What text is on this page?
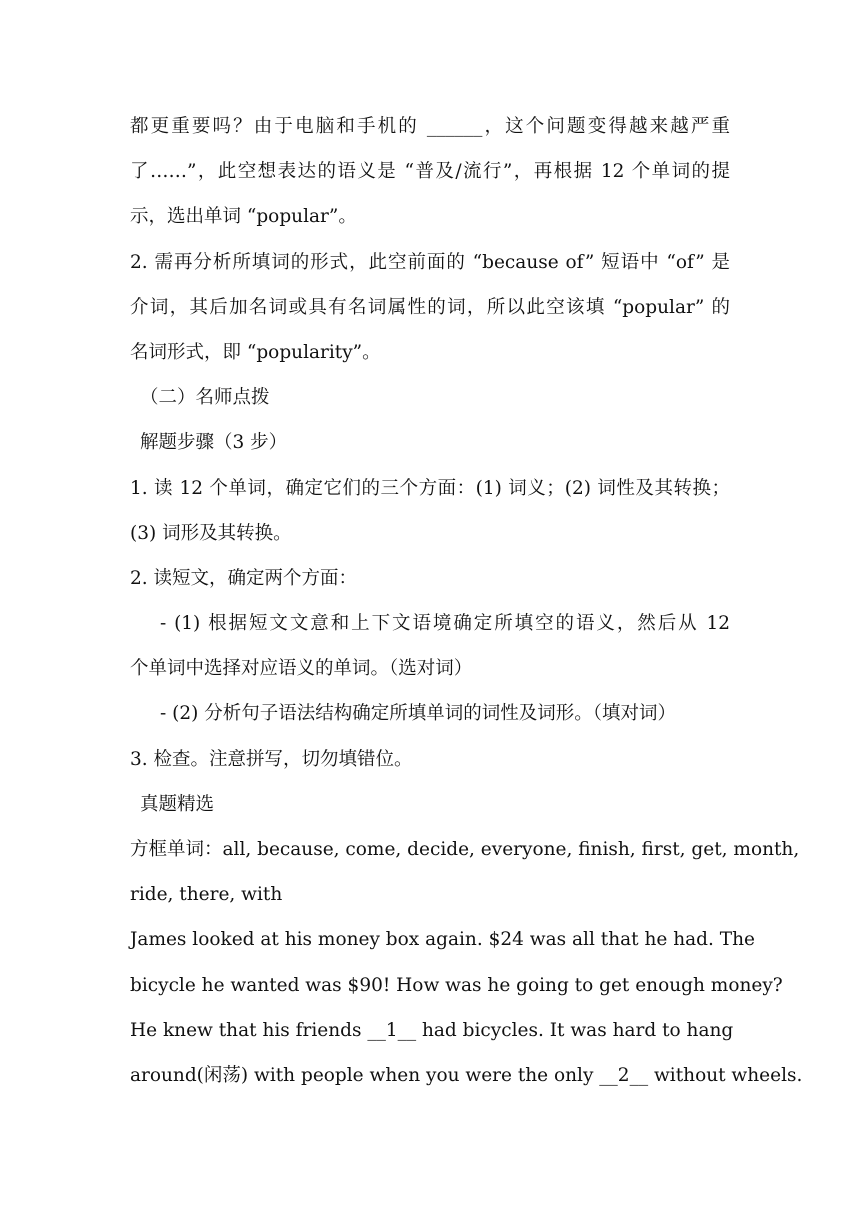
都更重要吗？由于电脑和手机的 ______，这个问题变得越来越严重
了……”，此空想表达的语义是 “普及/流行”，再根据 12 个单词的提
示，选出单词 “popular”。
2. 需再分析所填词的形式，此空前面的 “because of” 短语中 “of” 是
介词，其后加名词或具有名词属性的词，所以此空该填 “popular” 的
名词形式，即 “popularity”。
（二）名师点拨
解题步骤（3 步）
1. 读 12 个单词，确定它们的三个方面：(1) 词义；(2) 词性及其转换；
(3) 词形及其转换。
2. 读短文，确定两个方面：
- (1) 根据短文文意和上下文语境确定所填空的语义，然后从 12
个单词中选择对应语义的单词。（选对词）
- (2) 分析句子语法结构确定所填单词的词性及词形。（填对词）
3. 检查。注意拼写，切勿填错位。
真题精选
方框单词：all, because, come, decide, everyone, finish, first, get, month,
ride, there, with
James looked at his money box again. $24 was all that he had. The
bicycle he wanted was $90! How was he going to get enough money?
He knew that his friends __1__ had bicycles. It was hard to hang
around(闲荡) with people when you were the only __2__ without wheels.
